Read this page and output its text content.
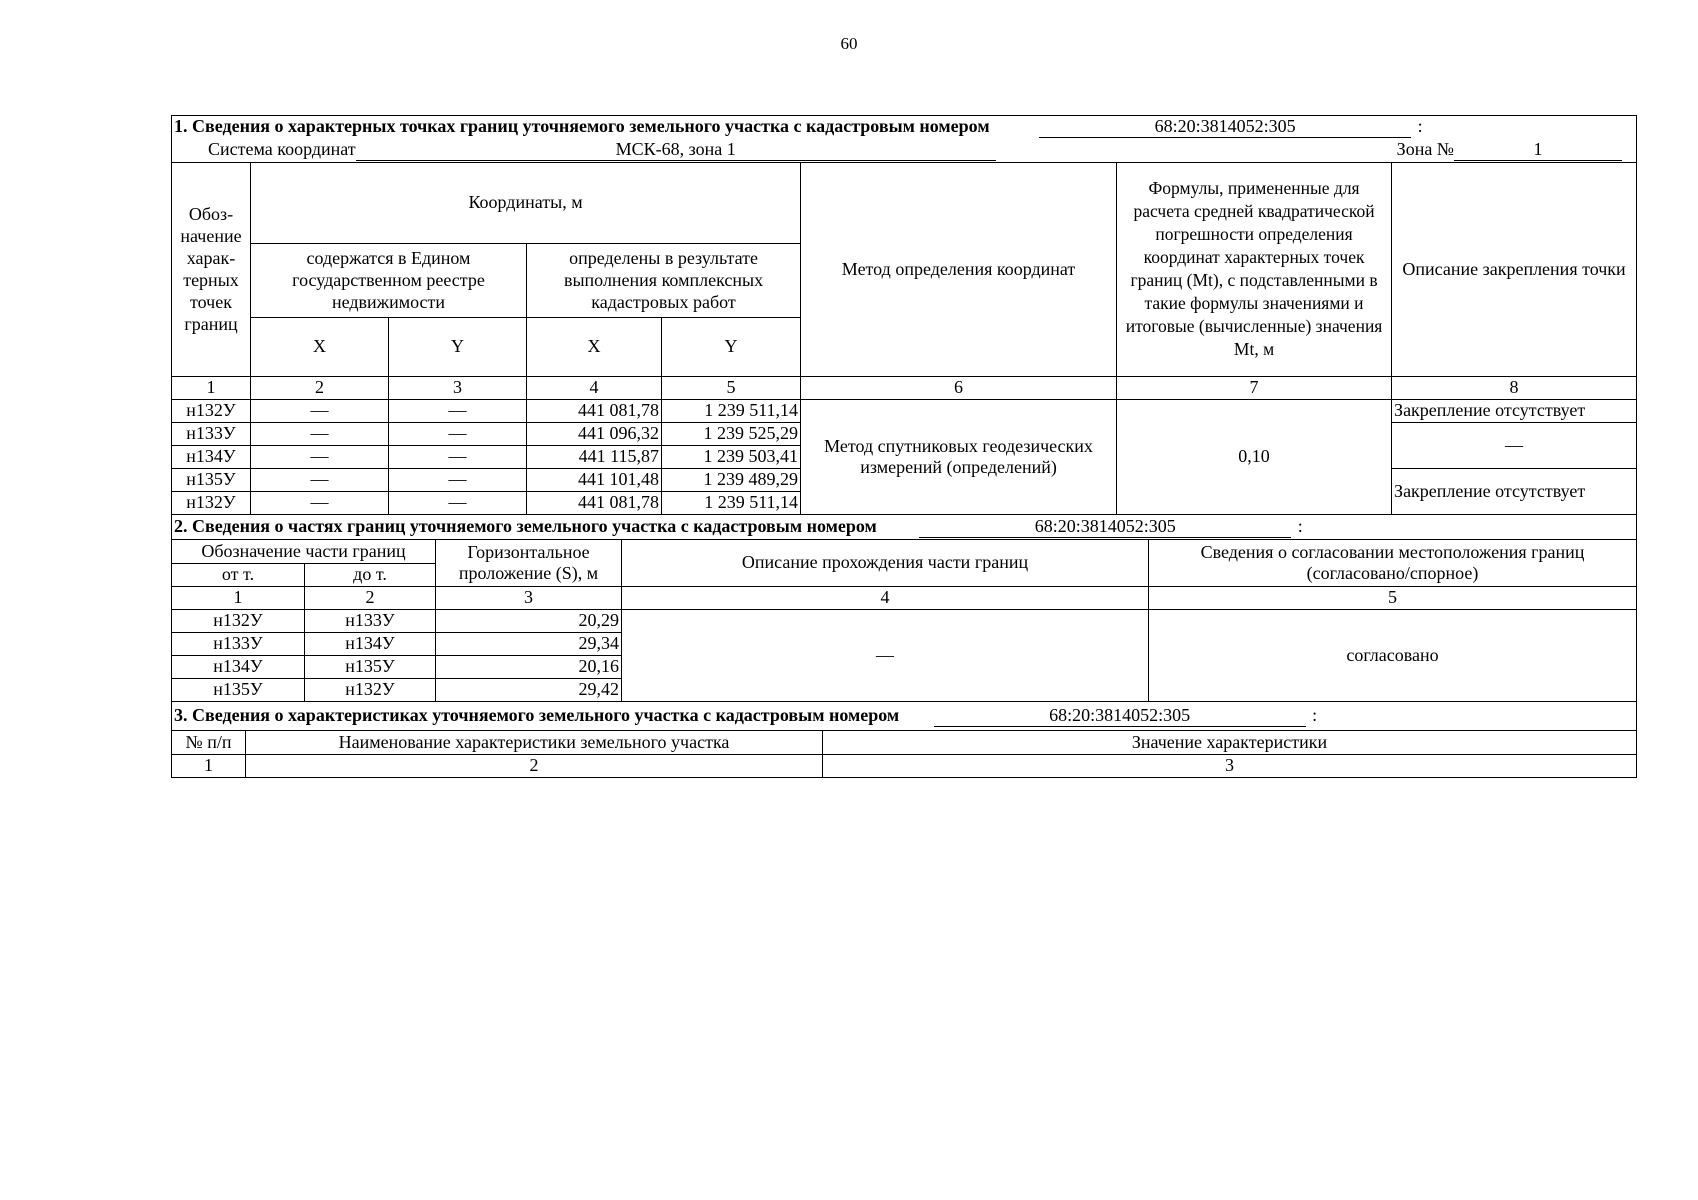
60
1. Сведения о характерных точках границ уточняемого земельного участка с кадастровым номером	68:20:3814052:305	:
Система координат	МСК-68, зона 1	Зона №	1
Обоз-начение харак-терных точек границ	Координаты, м				Метод определения координат	Формулы, примененные для расчета средней квадратической погрешности определения координат характерных точек границ (Mt), с подставленными в такие формулы значениями и итоговые (вычисленные) значения Mt, м	Описание закрепления точки
	содержатся в Едином государственном реестре недвижимости		определены в результате выполнения комплексных кадастровых работ				
	X	Y	X	Y			
1	2	3	4	5	6	7	8
н132У	—	—	441 081,78	1 239 511,14	Метод спутниковых геодезических измерений (определений)	0,10	Закрепление отсутствует
н133У	—	—	441 096,32	1 239 525,29			—
н134У	—	—	441 115,87	1 239 503,41			
н135У	—	—	441 101,48	1 239 489,29			Закрепление отсутствует
н132У	—	—	441 081,78	1 239 511,14			
2. Сведения о частях границ уточняемого земельного участка с кадастровым номером	68:20:3814052:305	:
Обозначение части границ		Горизонтальное проложение (S), м	Описание прохождения части границ	Сведения о согласовании местоположения границ (согласовано/спорное)
от т.	до т.			
1	2	3	4	5
н132У	н133У	20,29	—	согласовано
н133У	н134У	29,34		
н134У	н135У	20,16		
н135У	н132У	29,42		
3. Сведения о характеристиках уточняемого земельного участка с кадастровым номером	68:20:3814052:305	:
№ п/п	Наименование характеристики земельного участка	Значение характеристики
1	2	3
